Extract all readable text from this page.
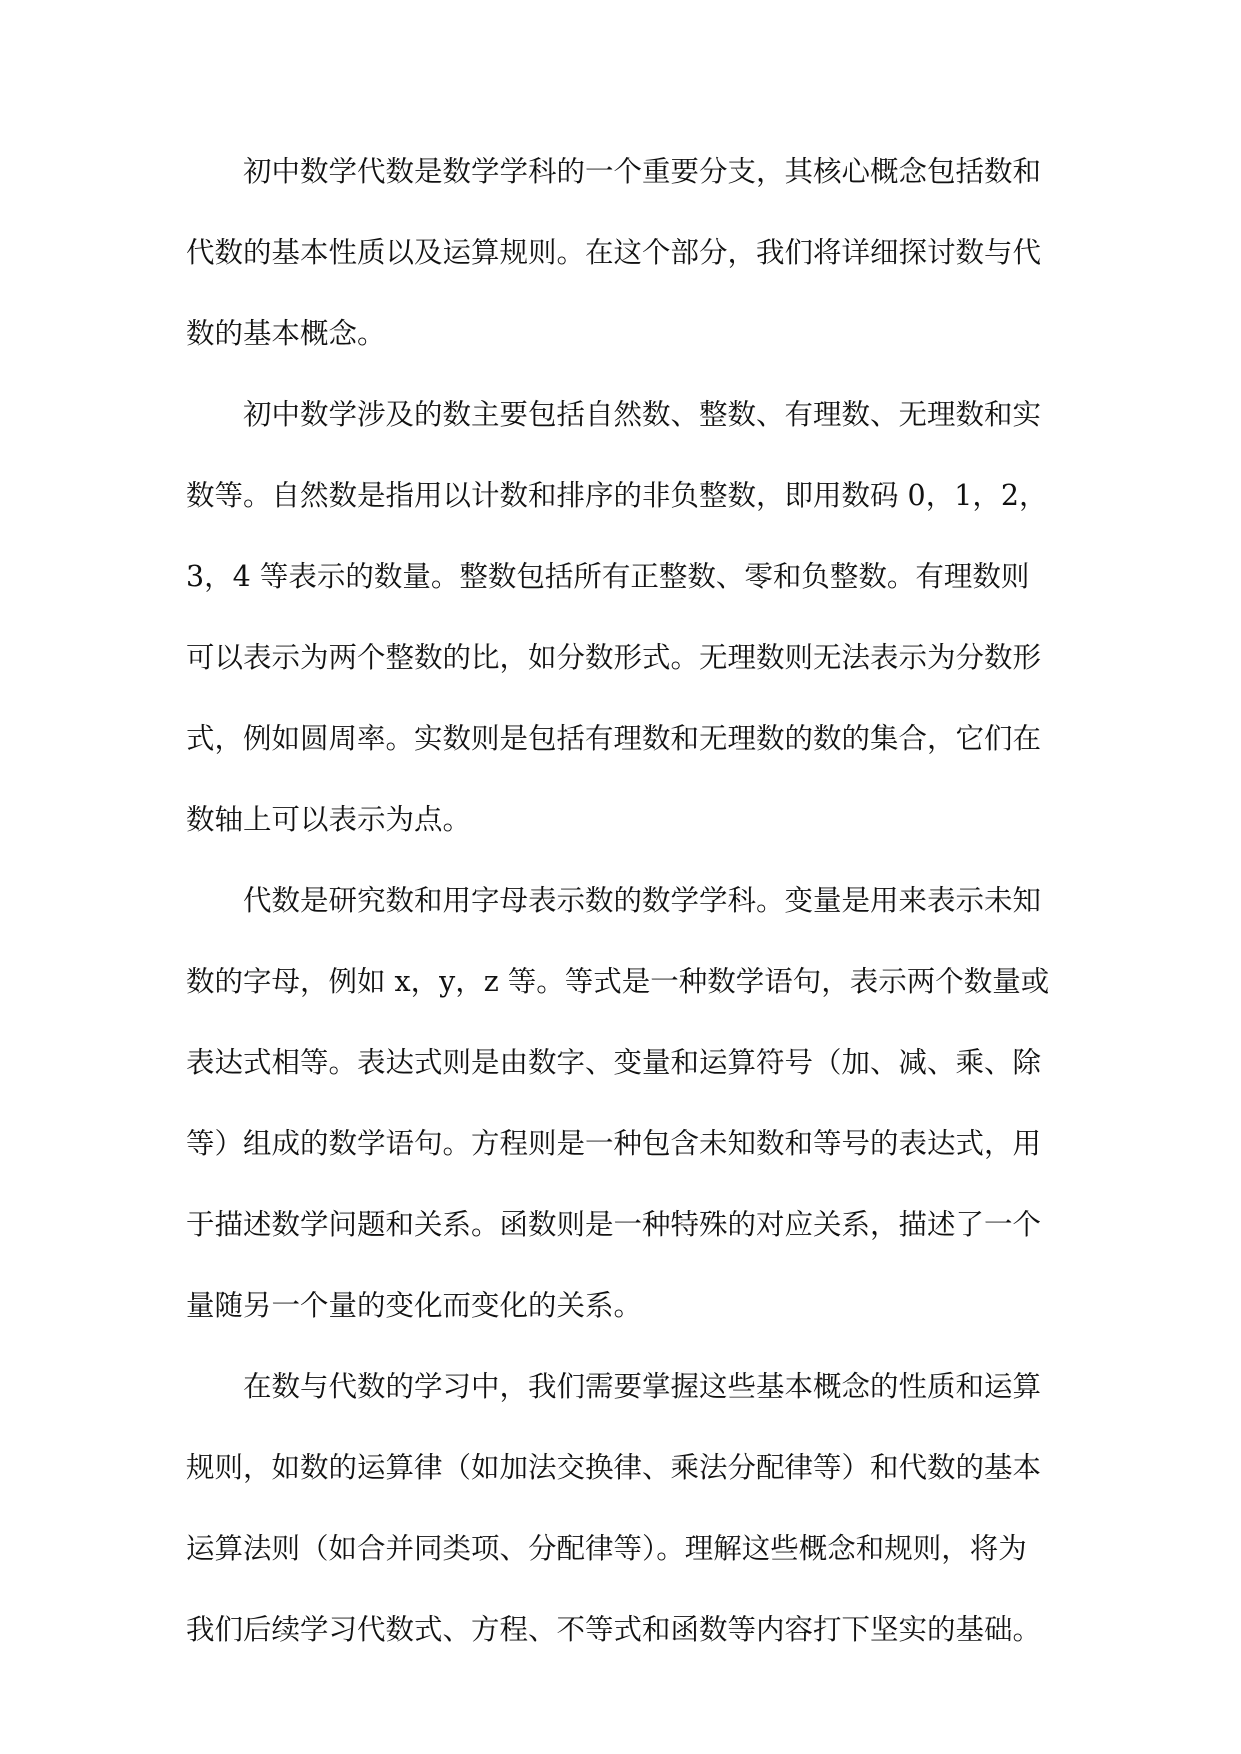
初中数学代数是数学学科的一个重要分支，其核心概念包括数和
代数的基本性质以及运算规则。在这个部分，我们将详细探讨数与代
数的基本概念。
初中数学涉及的数主要包括自然数、整数、有理数、无理数和实
数等。自然数是指用以计数和排序的非负整数，即用数码 0，1，2，
3，4 等表示的数量。整数包括所有正整数、零和负整数。有理数则
可以表示为两个整数的比，如分数形式。无理数则无法表示为分数形
式，例如圆周率。实数则是包括有理数和无理数的数的集合，它们在
数轴上可以表示为点。
代数是研究数和用字母表示数的数学学科。变量是用来表示未知
数的字母，例如 x，y，z 等。等式是一种数学语句，表示两个数量或
表达式相等。表达式则是由数字、变量和运算符号（加、减、乘、除
等）组成的数学语句。方程则是一种包含未知数和等号的表达式，用
于描述数学问题和关系。函数则是一种特殊的对应关系，描述了一个
量随另一个量的变化而变化的关系。
在数与代数的学习中，我们需要掌握这些基本概念的性质和运算
规则，如数的运算律（如加法交换律、乘法分配律等）和代数的基本
运算法则（如合并同类项、分配律等）。理解这些概念和规则，将为
我们后续学习代数式、方程、不等式和函数等内容打下坚实的基础。
